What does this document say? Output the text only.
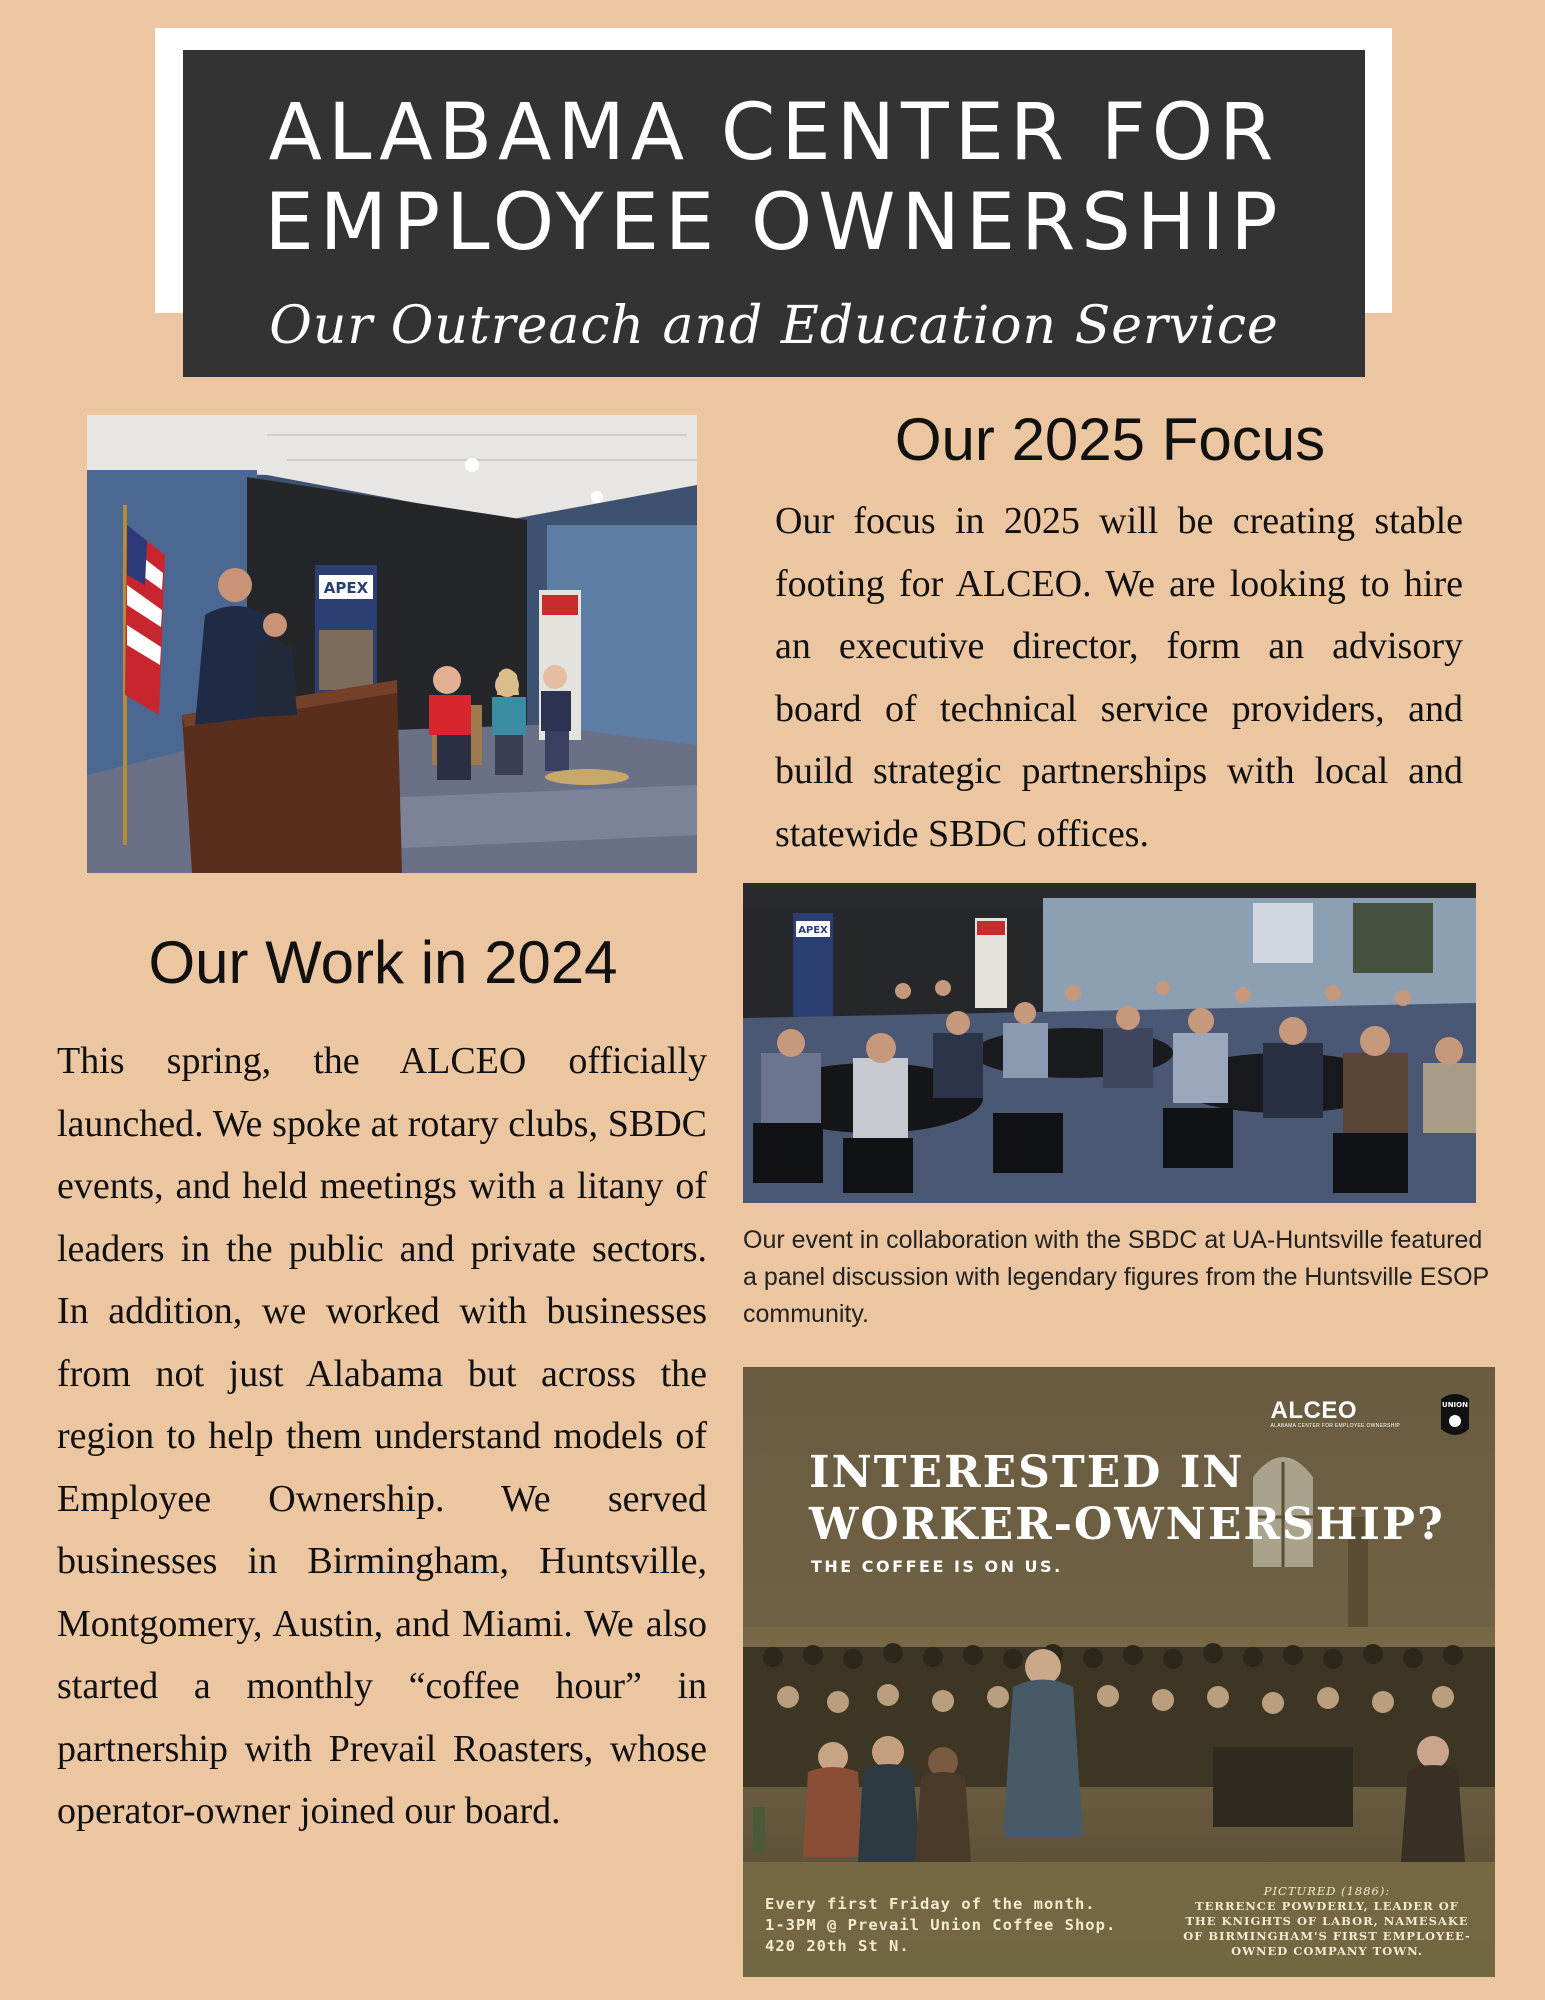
ALABAMA CENTER FOR
EMPLOYEE OWNERSHIP
Our Outreach and Education Service
APEX
Our 2025 Focus
Our focus in 2025 will be creating stable footing for ALCEO. We are looking to hire an executive director, form an advisory board of technical service providers, and build strategic partnerships with local and statewide SBDC offices.
APEX
Our event in collaboration with the SBDC at UA-Huntsville featured a panel discussion with legendary figures from the Huntsville ESOP community.
Our Work in 2024
This spring, the ALCEO officially launched. We spoke at rotary clubs, SBDC events, and held meetings with a litany of leaders in the public and private sectors. In addition, we worked with businesses from not just Alabama but across the region to help them understand models of Employee Ownership. We served businesses in Birmingham, Huntsville, Montgomery, Austin, and Miami. We also started a monthly “coffee hour” in partnership with Prevail Roasters, whose operator-owner joined our board.
ALCEO
ALABAMA CENTER FOR EMPLOYEE OWNERSHIP
UNION
INTERESTED IN
WORKER-OWNERSHIP?
THE COFFEE IS ON US.
Every first Friday of the month.
1-3PM @ Prevail Union Coffee Shop.
420 20th St N.
PICTURED (1886):
TERRENCE POWDERLY, LEADER OF THE KNIGHTS OF LABOR, NAMESAKE OF BIRMINGHAM'S FIRST EMPLOYEE-OWNED COMPANY TOWN.
